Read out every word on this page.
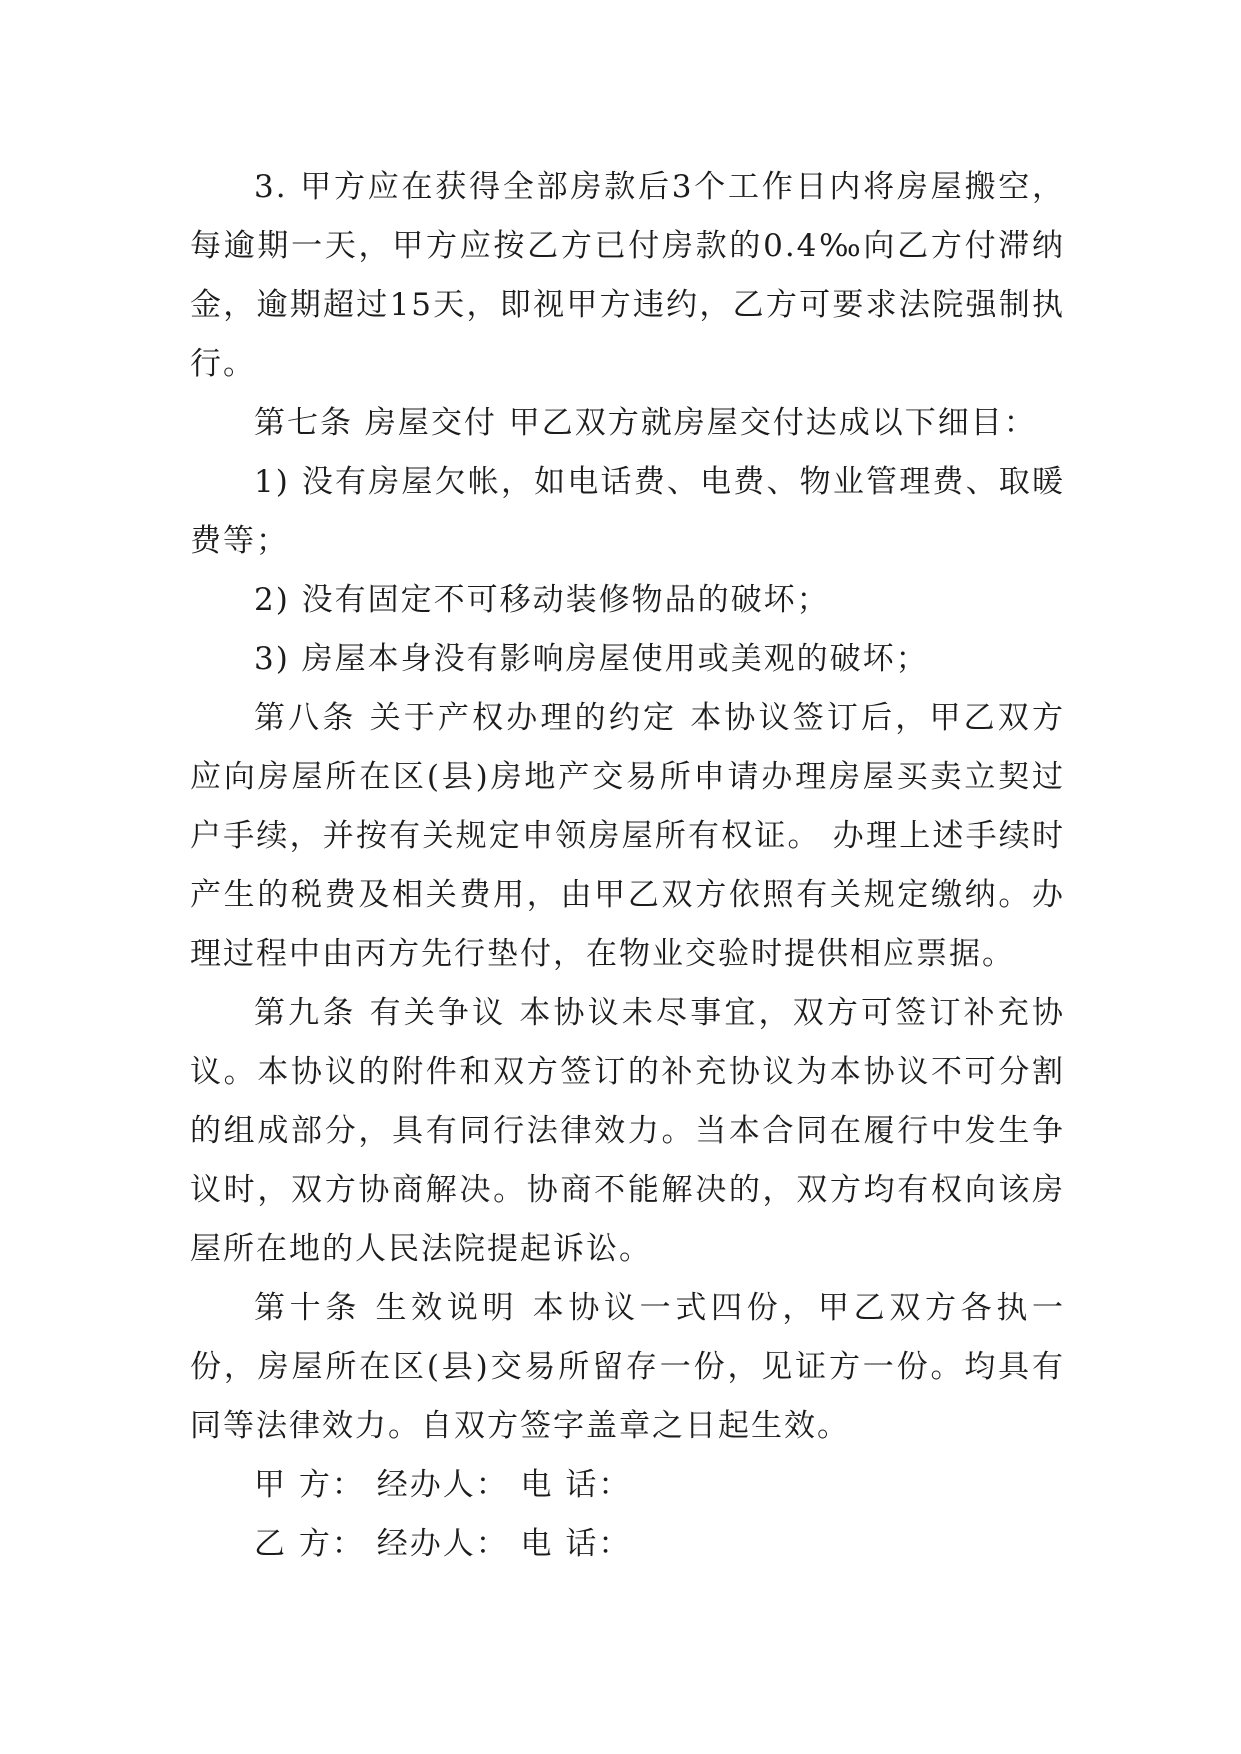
3. 甲方应在获得全部房款后3个工作日内将房屋搬空，每逾期一天，甲方应按乙方已付房款的0.4‰向乙方付滞纳金，逾期超过15天，即视甲方违约，乙方可要求法院强制执行。

第七条 房屋交付 甲乙双方就房屋交付达成以下细目：

1) 没有房屋欠帐，如电话费、电费、物业管理费、取暖费等；

2) 没有固定不可移动装修物品的破坏；

3) 房屋本身没有影响房屋使用或美观的破坏；

第八条 关于产权办理的约定 本协议签订后，甲乙双方应向房屋所在区(县)房地产交易所申请办理房屋买卖立契过户手续，并按有关规定申领房屋所有权证。 办理上述手续时产生的税费及相关费用，由甲乙双方依照有关规定缴纳。办理过程中由丙方先行垫付，在物业交验时提供相应票据。

第九条 有关争议 本协议未尽事宜，双方可签订补充协议。本协议的附件和双方签订的补充协议为本协议不可分割的组成部分，具有同行法律效力。当本合同在履行中发生争议时，双方协商解决。协商不能解决的，双方均有权向该房屋所在地的人民法院提起诉讼。

第十条 生效说明 本协议一式四份，甲乙双方各执一份，房屋所在区(县)交易所留存一份，见证方一份。均具有同等法律效力。自双方签字盖章之日起生效。

甲 方： 经办人： 电 话：

乙 方： 经办人： 电 话：
